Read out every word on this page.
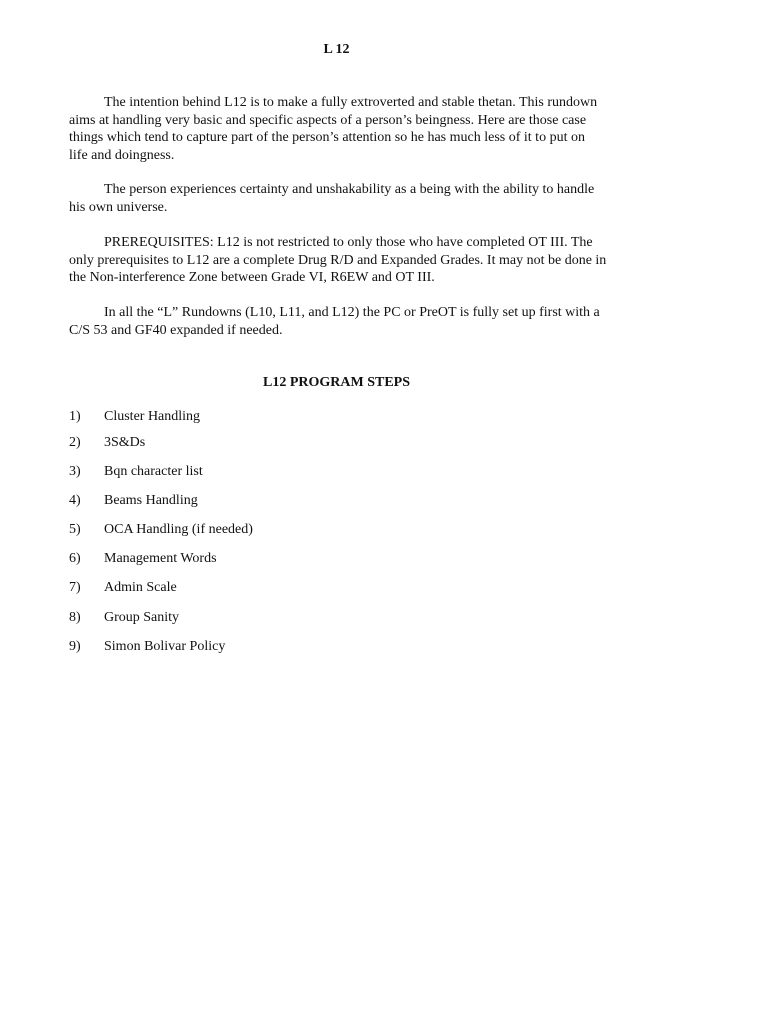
L 12

The intention behind L12 is to make a fully extroverted and stable thetan. This rundown aims at handling very basic and specific aspects of a person’s beingness. Here are those case things which tend to capture part of the person’s attention so he has much less of it to put on life and doingness.

The person experiences certainty and unshakability as a being with the ability to handle his own universe.

PREREQUISITES: L12 is not restricted to only those who have completed OT III. The only prerequisites to L12 are a complete Drug R/D and Expanded Grades. It may not be done in the Non-interference Zone between Grade VI, R6EW and OT III.

In all the “L” Rundowns (L10, L11, and L12) the PC or PreOT is fully set up first with a C/S 53 and GF40 expanded if needed.

L12 PROGRAM STEPS
1) Cluster Handling
2) 3S&Ds
3) Bqn character list
4) Beams Handling
5) OCA Handling (if needed)
6) Management Words
7) Admin Scale
8) Group Sanity
9) Simon Bolivar Policy
